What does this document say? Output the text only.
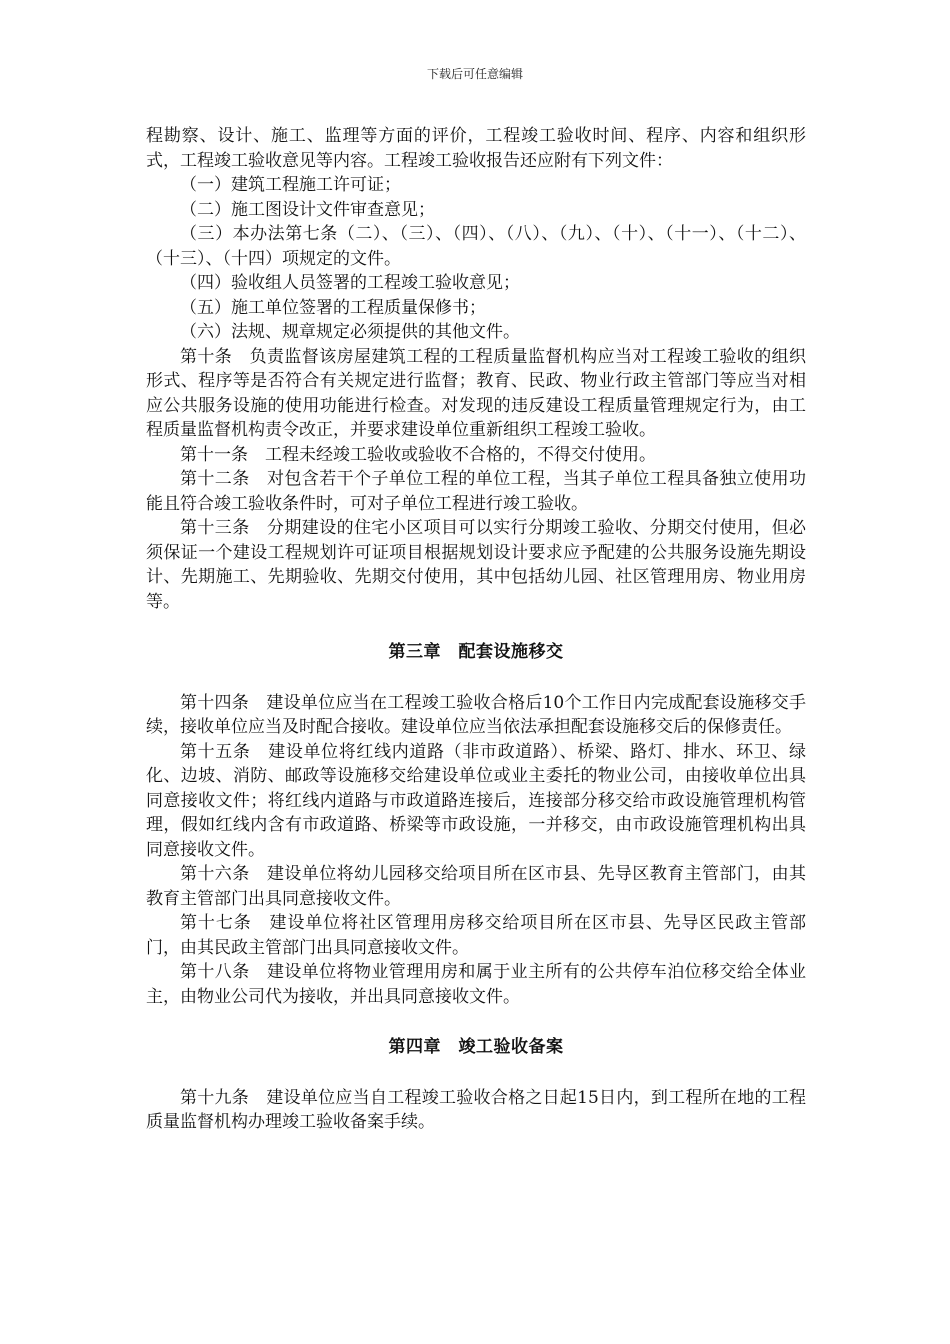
下载后可任意编辑

程勘察、设计、施工、监理等方面的评价，工程竣工验收时间、程序、内容和组织形式，工程竣工验收意见等内容。工程竣工验收报告还应附有下列文件：

（一）建筑工程施工许可证；

（二）施工图设计文件审查意见；

（三）本办法第七条（二）、（三）、（四）、（八）、（九）、（十）、（十一）、（十二）、（十三）、（十四）项规定的文件。

（四）验收组人员签署的工程竣工验收意见；

（五）施工单位签署的工程质量保修书；

（六）法规、规章规定必须提供的其他文件。

第十条　负责监督该房屋建筑工程的工程质量监督机构应当对工程竣工验收的组织形式、程序等是否符合有关规定进行监督；教育、民政、物业行政主管部门等应当对相应公共服务设施的使用功能进行检查。对发现的违反建设工程质量管理规定行为，由工程质量监督机构责令改正，并要求建设单位重新组织工程竣工验收。

第十一条　工程未经竣工验收或验收不合格的，不得交付使用。

第十二条　对包含若干个子单位工程的单位工程，当其子单位工程具备独立使用功能且符合竣工验收条件时，可对子单位工程进行竣工验收。

第十三条　分期建设的住宅小区项目可以实行分期竣工验收、分期交付使用，但必须保证一个建设工程规划许可证项目根据规划设计要求应予配建的公共服务设施先期设计、先期施工、先期验收、先期交付使用，其中包括幼儿园、社区管理用房、物业用房等。

第三章　配套设施移交

第十四条　建设单位应当在工程竣工验收合格后10个工作日内完成配套设施移交手续，接收单位应当及时配合接收。建设单位应当依法承担配套设施移交后的保修责任。

第十五条　建设单位将红线内道路（非市政道路）、桥梁、路灯、排水、环卫、绿化、边坡、消防、邮政等设施移交给建设单位或业主委托的物业公司，由接收单位出具同意接收文件；将红线内道路与市政道路连接后，连接部分移交给市政设施管理机构管理，假如红线内含有市政道路、桥梁等市政设施，一并移交，由市政设施管理机构出具同意接收文件。

第十六条　建设单位将幼儿园移交给项目所在区市县、先导区教育主管部门，由其教育主管部门出具同意接收文件。

第十七条　建设单位将社区管理用房移交给项目所在区市县、先导区民政主管部门，由其民政主管部门出具同意接收文件。

第十八条　建设单位将物业管理用房和属于业主所有的公共停车泊位移交给全体业主，由物业公司代为接收，并出具同意接收文件。

第四章　竣工验收备案

第十九条　建设单位应当自工程竣工验收合格之日起15日内，到工程所在地的工程质量监督机构办理竣工验收备案手续。
